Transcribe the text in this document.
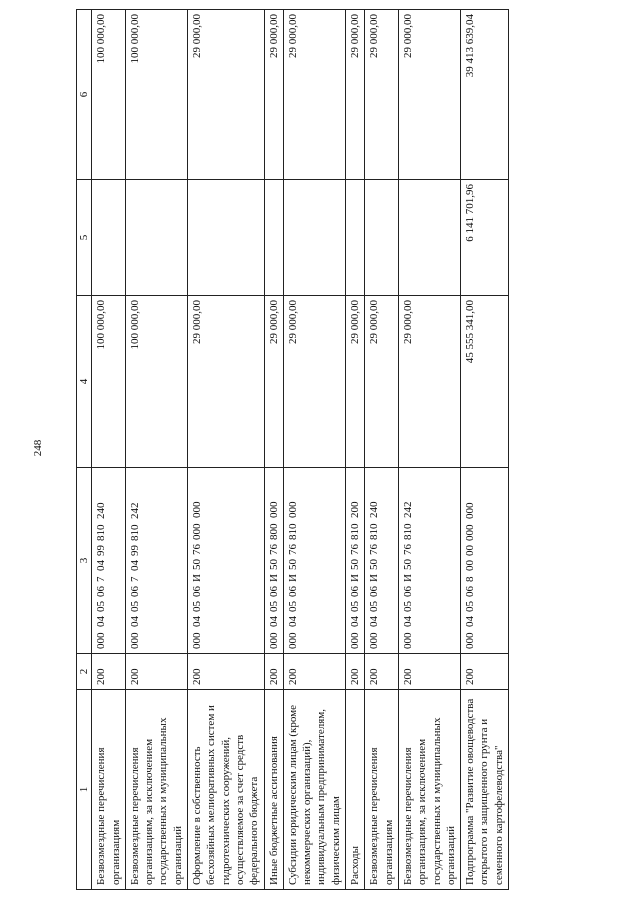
248
1	2	3	4	5	6
Безвозмездные перечисления организациям	200	00004050670499810240	100 000,00		100 000,00
Безвозмездные перечисления организациям, за исключением государственных и муниципальных организаций	200	00004050670499810242	100 000,00		100 000,00
Оформление в собственность бесхозяйных мелиоративных систем и гидротехнических сооружений, осуществляемое за счет средств федерального бюджета	200	000040506И5076000000	29 000,00		29 000,00
Иные бюджетные ассигнования	200	000040506И5076800000	29 000,00		29 000,00
Субсидии юридическим лицам (кроме некоммерческих организаций), индивидуальным предпринимателям, физическим лицам	200	000040506И5076810000	29 000,00		29 000,00
Расходы	200	000040506И5076810200	29 000,00		29 000,00
Безвозмездные перечисления организациям	200	000040506И5076810240	29 000,00		29 000,00
Безвозмездные перечисления организациям, за исключением государственных и муниципальных организаций	200	000040506И5076810242	29 000,00		29 000,00
Подпрограмма "Развитие овощеводства открытого и защищенного грунта и семенного картофелеводства"	200	00004050680000000000	45 555 341,00	6 141 701,96	39 413 639,04
